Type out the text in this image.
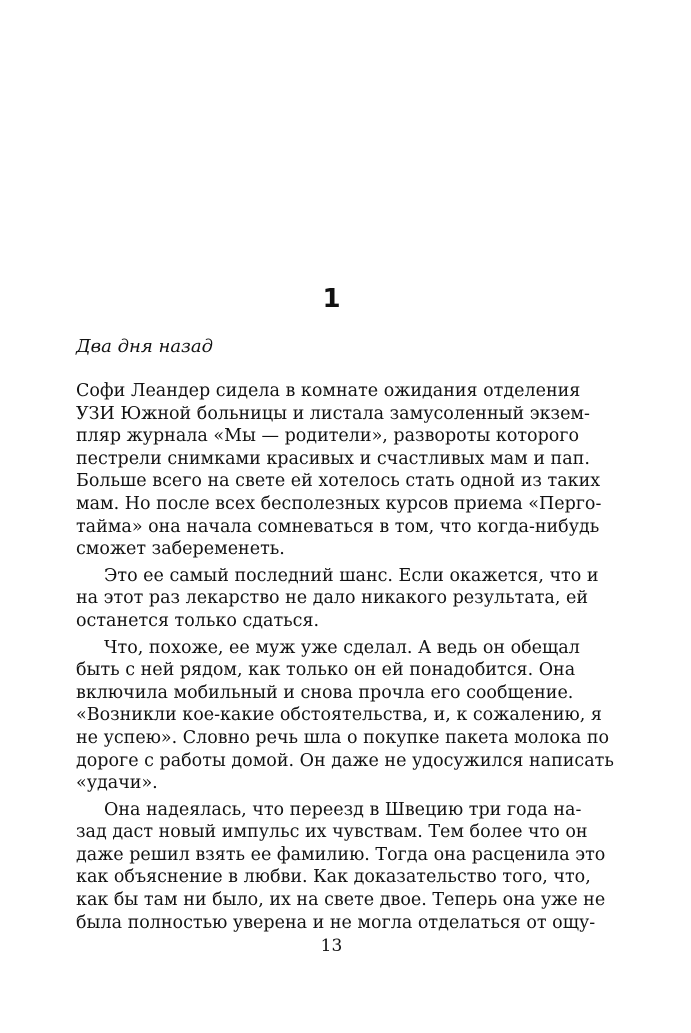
1
Два дня назад
Софи Леандер сидела в комнате ожидания отделения
УЗИ Южной больницы и листала замусоленный экзем-
пляр журнала «Мы — родители», развороты которого
пестрели снимками красивых и счастливых мам и пап.
Больше всего на свете ей хотелось стать одной из таких
мам. Но после всех бесполезных курсов приема «Перго-
тайма» она начала сомневаться в том, что когда-нибудь
сможет забеременеть.
Это ее самый последний шанс. Если окажется, что и
на этот раз лекарство не дало никакого результата, ей
останется только сдаться.
Что, похоже, ее муж уже сделал. А ведь он обещал
быть с ней рядом, как только он ей понадобится. Она
включила мобильный и снова прочла его сообщение.
«Возникли кое-какие обстоятельства, и, к сожалению, я
не успею». Словно речь шла о покупке пакета молока по
дороге с работы домой. Он даже не удосужился написать
«удачи».
Она надеялась, что переезд в Швецию три года на-
зад даст новый импульс их чувствам. Тем более что он
даже решил взять ее фамилию. Тогда она расценила это
как объяснение в любви. Как доказательство того, что,
как бы там ни было, их на свете двое. Теперь она уже не
была полностью уверена и не могла отделаться от ощу-
13
